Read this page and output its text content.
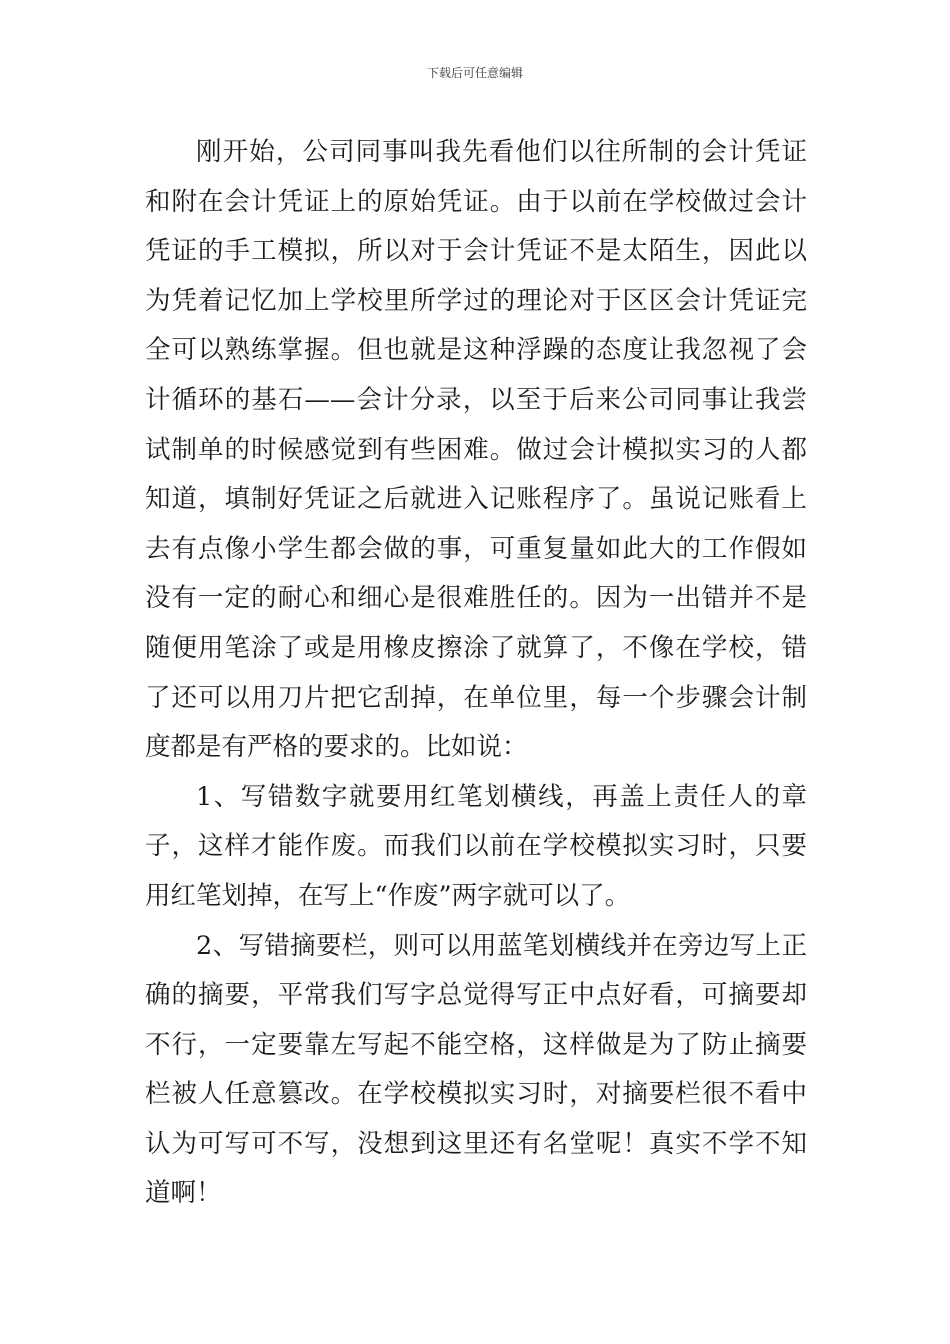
下载后可任意编辑

刚开始，公司同事叫我先看他们以往所制的会计凭证和附在会计凭证上的原始凭证。由于以前在学校做过会计凭证的手工模拟，所以对于会计凭证不是太陌生，因此以为凭着记忆加上学校里所学过的理论对于区区会计凭证完全可以熟练掌握。但也就是这种浮躁的态度让我忽视了会计循环的基石——会计分录，以至于后来公司同事让我尝试制单的时候感觉到有些困难。做过会计模拟实习的人都知道，填制好凭证之后就进入记账程序了。虽说记账看上去有点像小学生都会做的事，可重复量如此大的工作假如没有一定的耐心和细心是很难胜任的。因为一出错并不是随便用笔涂了或是用橡皮擦涂了就算了，不像在学校，错了还可以用刀片把它刮掉，在单位里，每一个步骤会计制度都是有严格的要求的。比如说：

1、写错数字就要用红笔划横线，再盖上责任人的章子，这样才能作废。而我们以前在学校模拟实习时，只要用红笔划掉，在写上“作废”两字就可以了。

2、写错摘要栏，则可以用蓝笔划横线并在旁边写上正确的摘要，平常我们写字总觉得写正中点好看，可摘要却不行，一定要靠左写起不能空格，这样做是为了防止摘要栏被人任意篡改。在学校模拟实习时，对摘要栏很不看中认为可写可不写，没想到这里还有名堂呢！真实不学不知道啊！
